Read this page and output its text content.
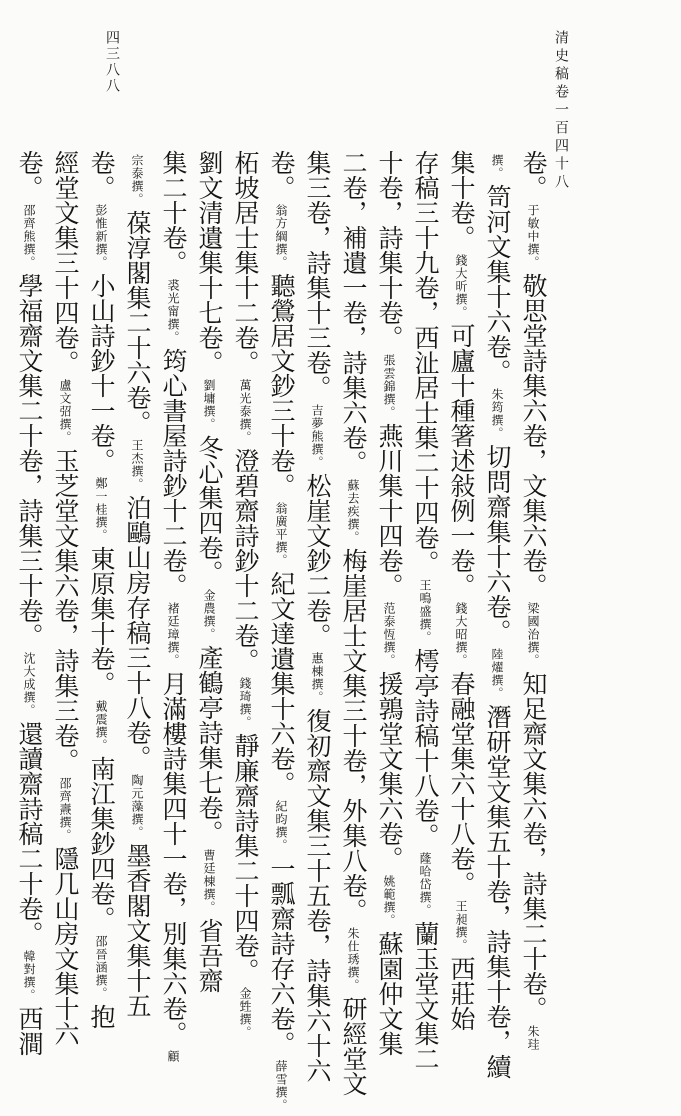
清史稿卷一百四十八
四三八八
卷。于敏中撰。敬思堂詩集六卷，文集六卷。梁國治撰。知足齋文集六卷，詩集二十卷。朱珪
撰。笥河文集十六卷。朱筠撰。切問齋集十六卷。陸燿撰。潛研堂文集五十卷，詩集十卷，續
集十卷。錢大昕撰。可廬十種箸述敍例一卷。錢大昭撰。春融堂集六十八卷。王昶撰。西莊始
存稿三十九卷，西沚居士集二十四卷。王鳴盛撰。樗亭詩稿十八卷。蕯哈岱撰。蘭玉堂文集二
十卷，詩集十卷。張雲錦撰。燕川集十四卷。范泰恆撰。援鶉堂文集六卷。姚範撰。蘇園仲文集
二卷，補遺一卷，詩集六卷。蘇去疾撰。梅崖居士文集三十卷，外集八卷。朱仕琇撰。研經堂文
集三卷，詩集十三卷。吉夢熊撰。松崖文鈔二卷。惠棟撰。復初齋文集三十五卷，詩集六十六
卷。翁方綱撰。聽鶯居文鈔三十卷。翁廣平撰。紀文達遺集十六卷。紀昀撰。一瓢齋詩存六卷。薛雪撰。
柘坡居士集十二卷。萬光泰撰。澄碧齋詩鈔十二卷。錢琦撰。靜廉齋詩集二十四卷。金甡撰。
劉文清遺集十七卷。劉墉撰。冬心集四卷。金農撰。產鶴亭詩集七卷。曹廷棟撰。省吾齋
集二十卷。裘光甯撰。筠心書屋詩鈔十二卷。褚廷璋撰。月滿樓詩集四十一卷，別集六卷。顧
宗泰撰。葆淳閣集二十六卷。王杰撰。泊鷗山房存稿三十八卷。陶元藻撰。墨香閣文集十五
卷。彭惟新撰。小山詩鈔十一卷。鄭一桂撰。東原集十卷。戴震撰。南江集鈔四卷。邵晉涵撰。抱
經堂文集三十四卷。盧文弨撰。玉芝堂文集六卷，詩集三卷。邵齊燾撰。隱几山房文集十六
卷。邵齊熊撰。學福齋文集二十卷，詩集三十卷。沈大成撰。還讀齋詩稿二十卷。韓對撰。西澗
